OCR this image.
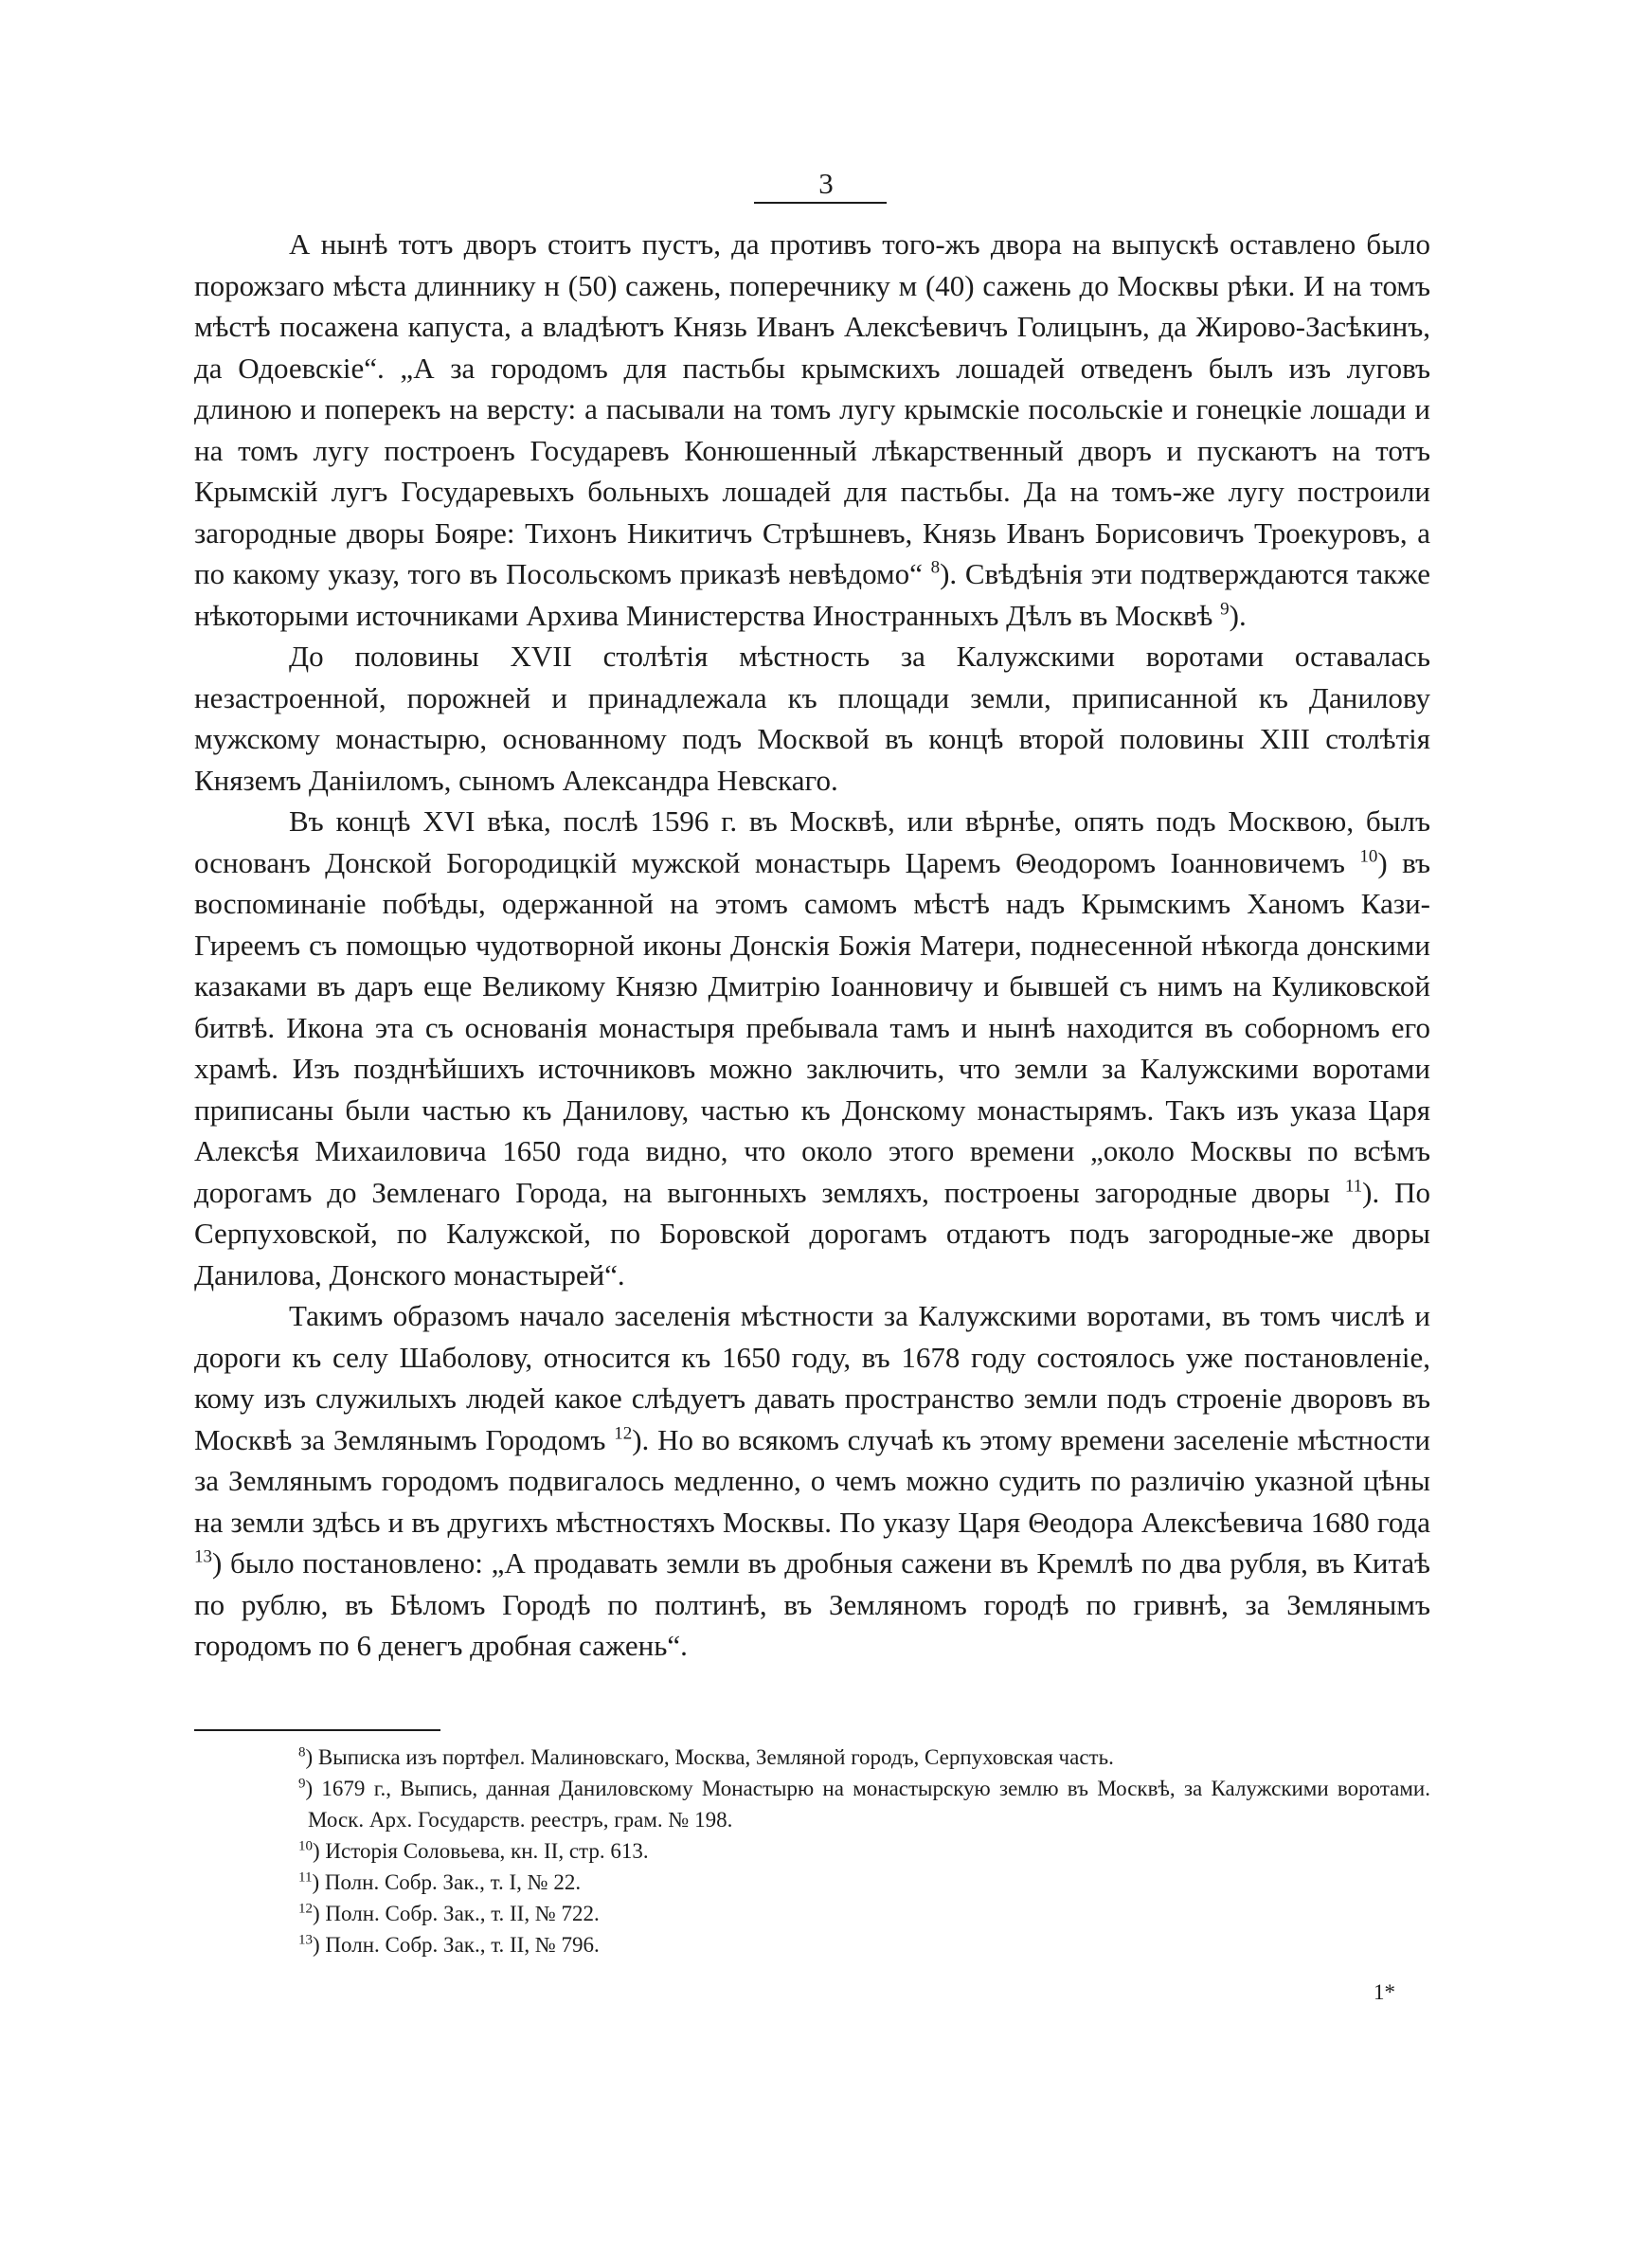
3

А нынѣ тотъ дворъ стоитъ пустъ, да противъ того-жъ двора на выпускѣ оставлено было порожзаго мѣста длиннику н (50) сажень, поперечнику м (40) сажень до Москвы рѣки. И на томъ мѣстѣ посажена капуста, а владѣютъ Князь Иванъ Алексѣевичъ Голицынъ, да Жирово-Засѣкинъ, да Одоевскіе“. „А за городомъ для пастьбы крымскихъ лошадей отведенъ былъ изъ луговъ длиною и поперекъ на версту: а пасывали на томъ лугу крымскіе посольскіе и гонецкіе лошади и на томъ лугу построенъ Государевъ Конюшенный лѣкарственный дворъ и пускаютъ на тотъ Крымскій лугъ Государевыхъ больныхъ лошадей для пастьбы. Да на томъ-же лугу построили загородные дворы Бояре: Тихонъ Никитичъ Стрѣшневъ, Князь Иванъ Борисовичъ Троекуровъ, а по какому указу, того въ Посольскомъ приказѣ невѣдомо“ $^8$). Свѣдѣнія эти подтверждаются также нѣкоторыми источниками Архива Министерства Иностранныхъ Дѣлъ въ Москвѣ $^9$).

До половины XVII столѣтія мѣстность за Калужскими воротами оставалась незастроенной, порожней и принадлежала къ площади земли, приписанной къ Данилову мужскому монастырю, основанному подъ Москвой въ концѣ второй половины XIII столѣтія Княземъ Даніиломъ, сыномъ Александра Невскаго.

Въ концѣ XVI вѣка, послѣ 1596 г. въ Москвѣ, или вѣрнѣе, опять подъ Москвою, былъ основанъ Донской Богородицкій мужской монастырь Царемъ Θеодоромъ Іоанновичемъ $^{10}$) въ воспоминаніе побѣды, одержанной на этомъ самомъ мѣстѣ надъ Крымскимъ Ханомъ Кази-Гиреемъ съ помощью чудотворной иконы Донскія Божія Матери, поднесенной нѣкогда донскими казаками въ даръ еще Великому Князю Дмитрію Іоанновичу и бывшей съ нимъ на Куликовской битвѣ. Икона эта съ основанія монастыря пребывала тамъ и нынѣ находится въ соборномъ его храмѣ. Изъ позднѣйшихъ источниковъ можно заключить, что земли за Калужскими воротами приписаны были частью къ Данилову, частью къ Донскому монастырямъ. Такъ изъ указа Царя Алексѣя Михаиловича 1650 года видно, что около этого времени „около Москвы по всѣмъ дорогамъ до Земленаго Города, на выгонныхъ земляхъ, построены загородные дворы $^{11}$). По Серпуховской, по Калужской, по Боровской дорогамъ отдаютъ подъ загородные-же дворы Данилова, Донского монастырей“.

Такимъ образомъ начало заселенія мѣстности за Калужскими воротами, въ томъ числѣ и дороги къ селу Шаболову, относится къ 1650 году, въ 1678 году состоялось уже постановленіе, кому изъ служилыхъ людей какое слѣдуетъ давать пространство земли подъ строеніе дворовъ въ Москвѣ за Землянымъ Городомъ $^{12}$). Но во всякомъ случаѣ къ этому времени заселеніе мѣстности за Землянымъ городомъ подвигалось медленно, о чемъ можно судить по различію указной цѣны на земли здѣсь и въ другихъ мѣстностяхъ Москвы. По указу Царя Θеодора Алексѣевича 1680 года $^{13}$) было постановлено: „А продавать земли въ дробныя сажени въ Кремлѣ по два рубля, въ Китаѣ по рублю, въ Бѣломъ Городѣ по полтинѣ, въ Земляномъ городѣ по гривнѣ, за Землянымъ городомъ по 6 денегъ дробная сажень“.

$^8$) Выписка изъ портфел. Малиновскаго, Москва, Земляной городъ, Серпуховская часть.
$^9$) 1679 г., Выпись, данная Даниловскому Монастырю на монастырскую землю въ Москвѣ, за Калужскими воротами. Моск. Арх. Государств. реестръ, грам. № 198.
$^{10}$) Исторія Соловьева, кн. II, стр. 613.
$^{11}$) Полн. Собр. Зак., т. I, № 22.
$^{12}$) Полн. Собр. Зак., т. II, № 722.
$^{13}$) Полн. Собр. Зак., т. II, № 796.
1*
